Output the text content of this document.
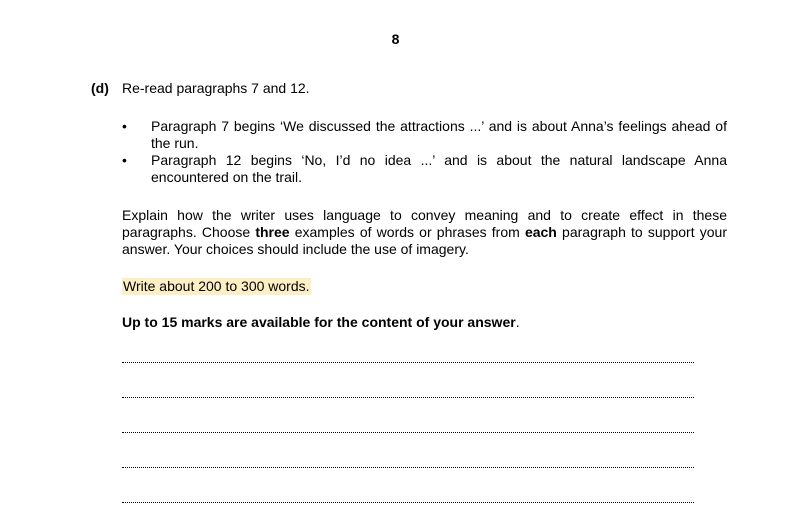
8
(d) Re-read paragraphs 7 and 12.
• Paragraph 7 begins ‘We discussed the attractions ...’ and is about Anna’s feelings ahead of the run.
• Paragraph 12 begins ‘No, I’d no idea ...’ and is about the natural landscape Anna encountered on the trail.

Explain how the writer uses language to convey meaning and to create effect in these paragraphs. Choose three examples of words or phrases from each paragraph to support your answer. Your choices should include the use of imagery.

Write about 200 to 300 words.
Up to 15 marks are available for the content of your answer.
